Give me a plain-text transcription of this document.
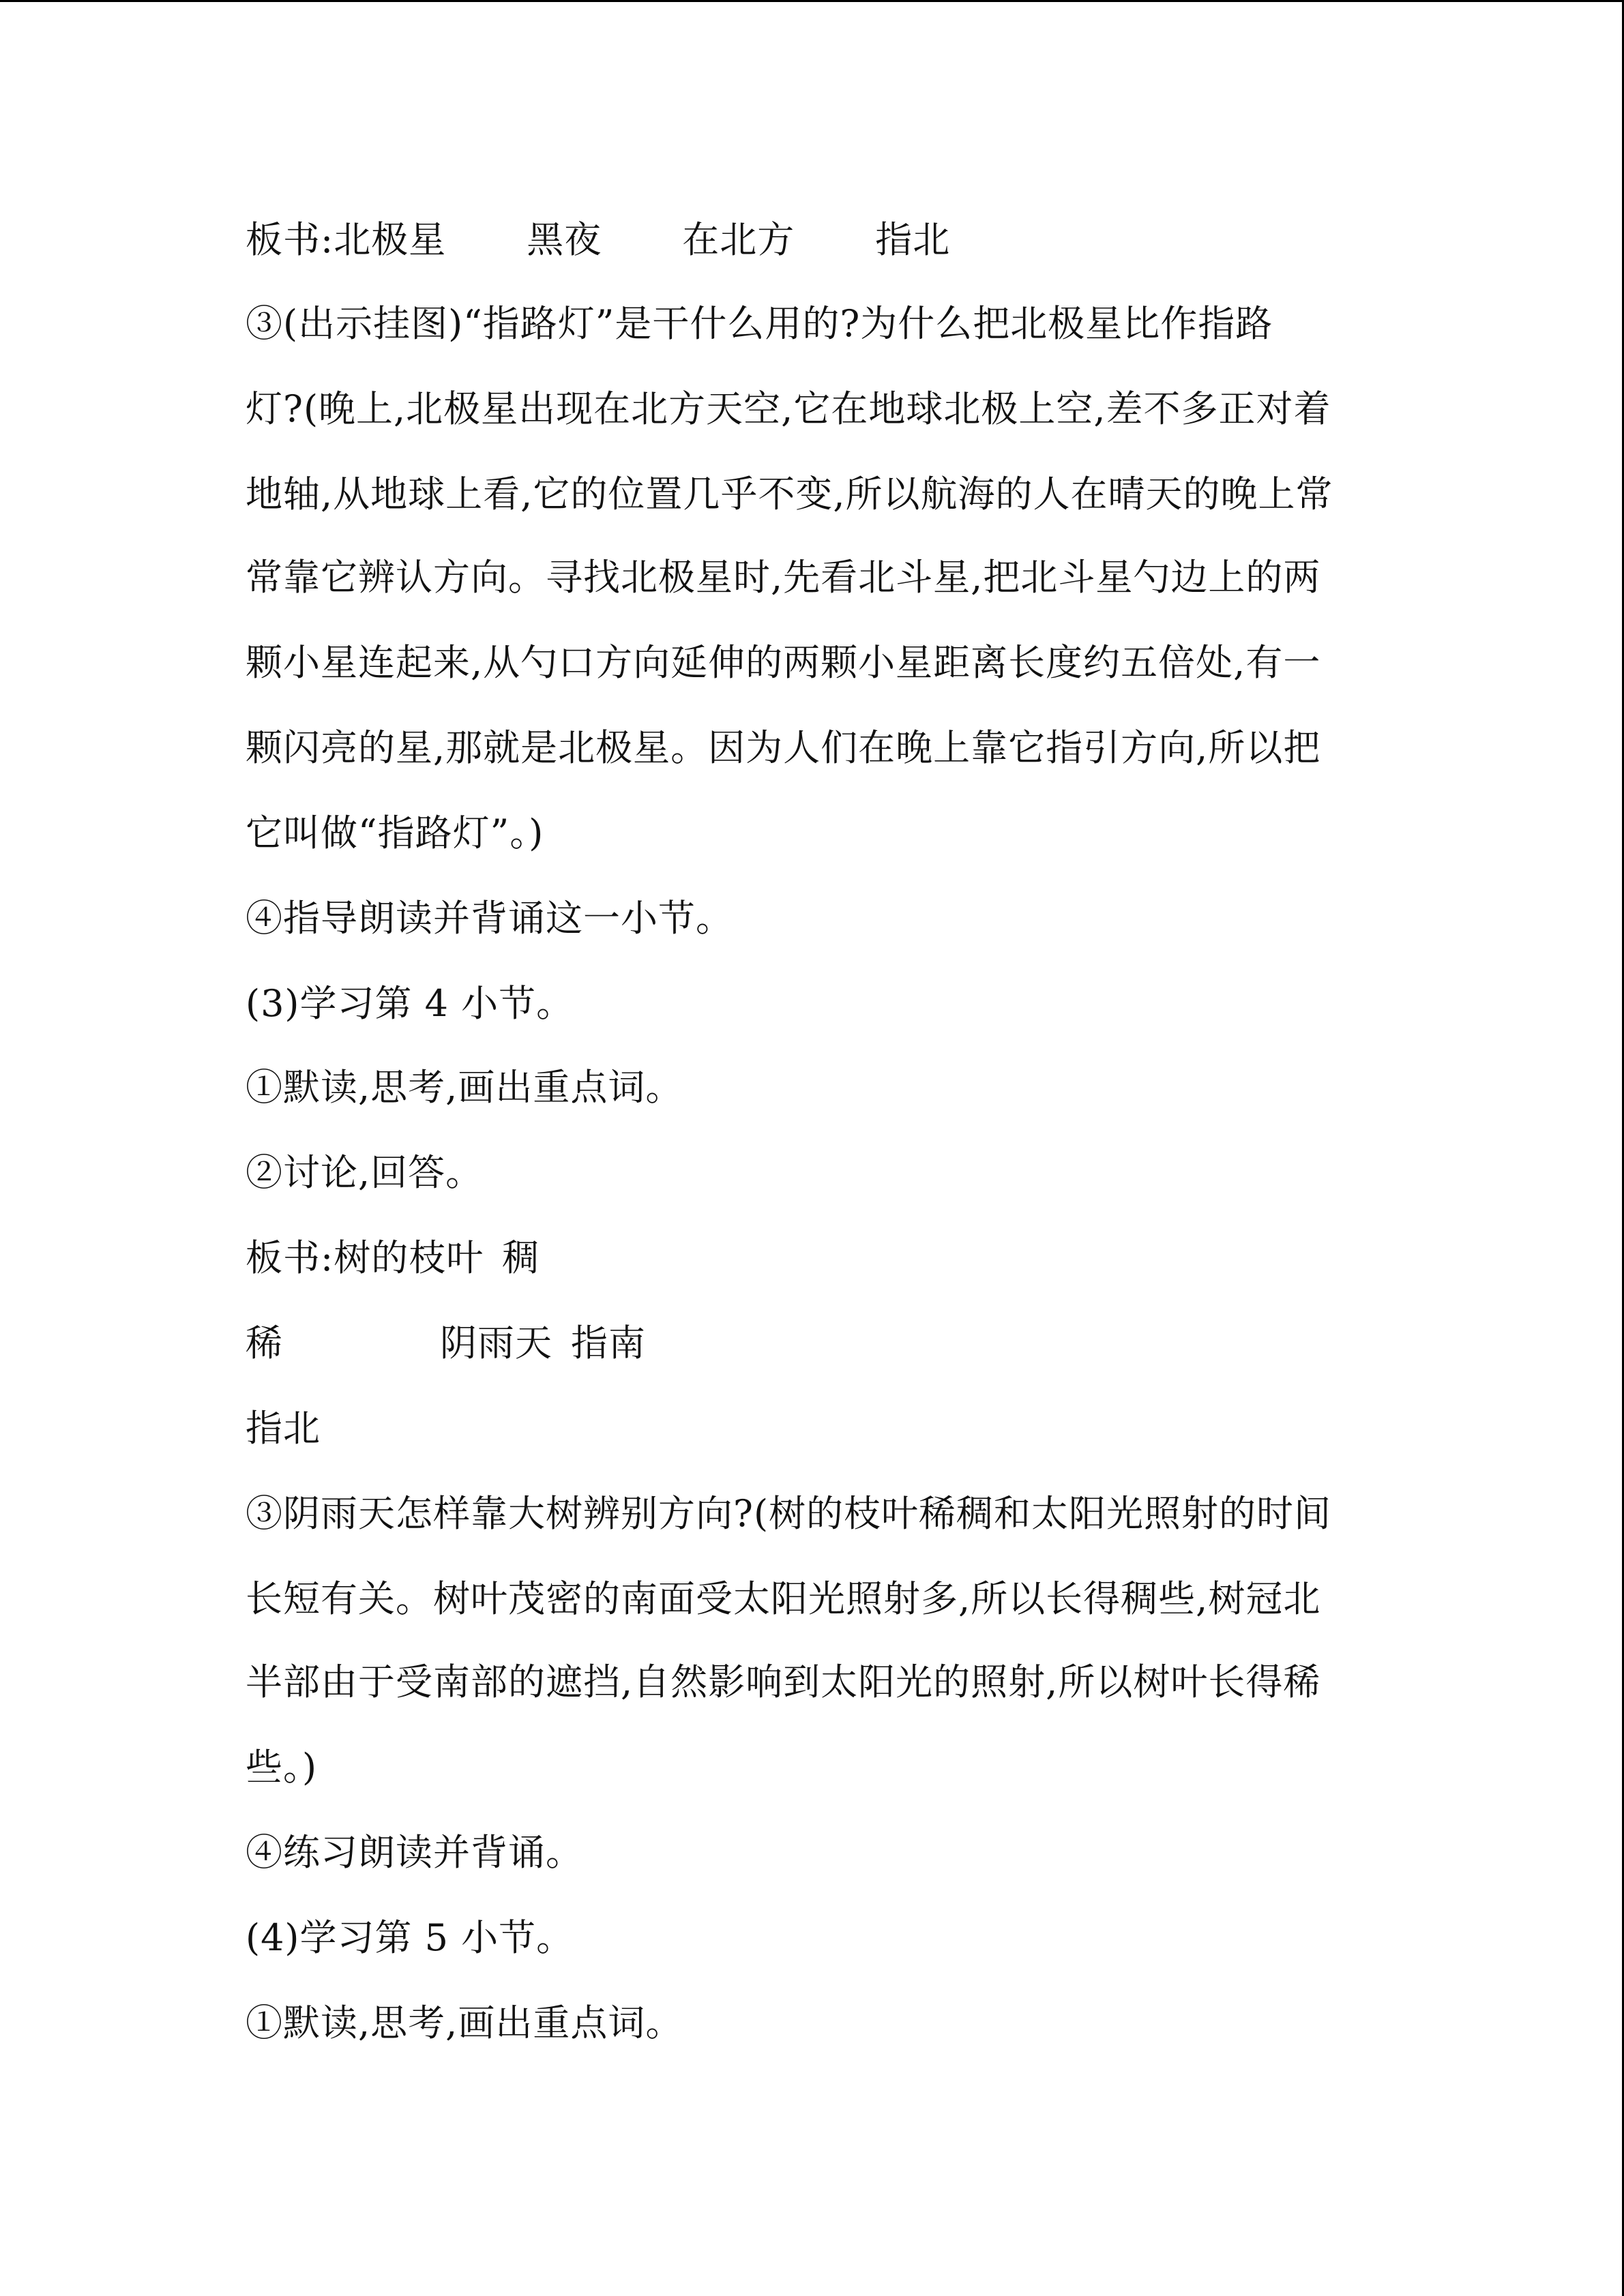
板书:北极星 黑夜 在北方 指北
③(出示挂图)“指路灯”是干什么用的?为什么把北极星比作指路
灯?(晚上,北极星出现在北方天空,它在地球北极上空,差不多正对着
地轴,从地球上看,它的位置几乎不变,所以航海的人在晴天的晚上常
常靠它辨认方向。寻找北极星时,先看北斗星,把北斗星勺边上的两
颗小星连起来,从勺口方向延伸的两颗小星距离长度约五倍处,有一
颗闪亮的星,那就是北极星。因为人们在晚上靠它指引方向,所以把
它叫做“指路灯”。)
④指导朗读并背诵这一小节。
(3)学习第 4 小节。
①默读,思考,画出重点词。
②讨论,回答。
板书:树的枝叶 稠
稀	阴雨天 指南
指北
③阴雨天怎样靠大树辨别方向?(树的枝叶稀稠和太阳光照射的时间
长短有关。树叶茂密的南面受太阳光照射多,所以长得稠些,树冠北
半部由于受南部的遮挡,自然影响到太阳光的照射,所以树叶长得稀
些。)
④练习朗读并背诵。
(4)学习第 5 小节。
①默读,思考,画出重点词。
